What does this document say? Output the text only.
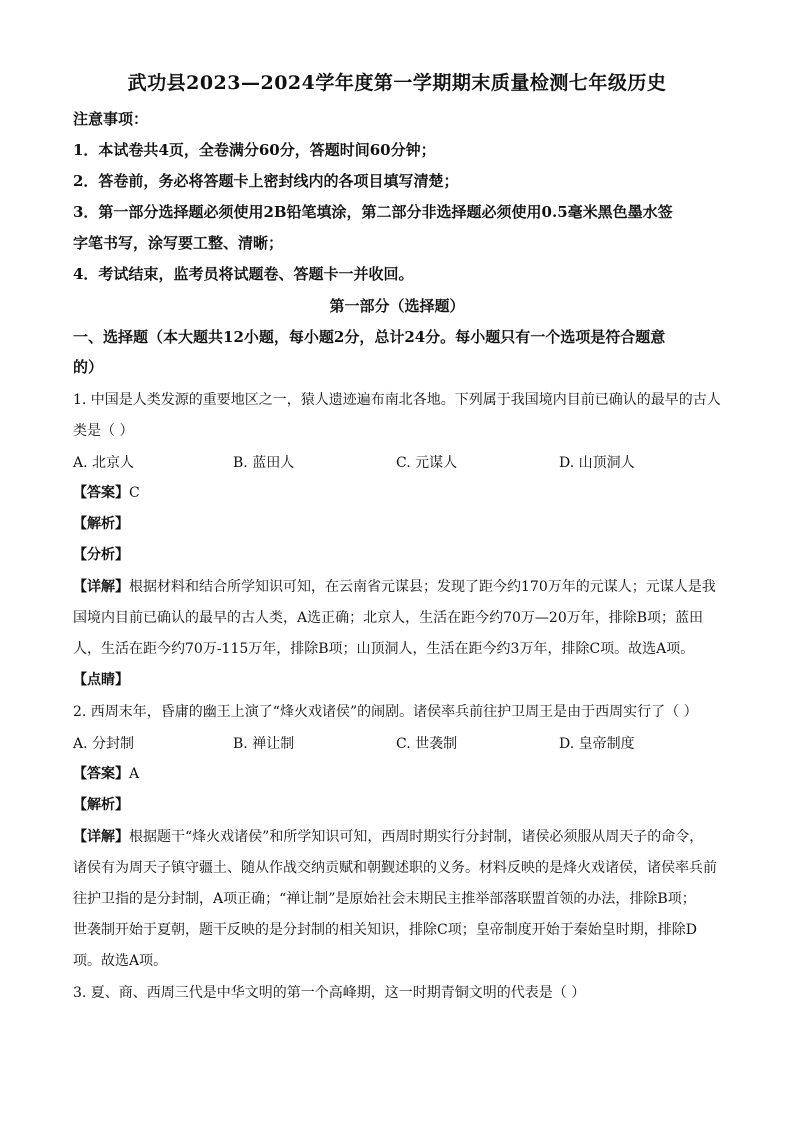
武功县2023—2024学年度第一学期期末质量检测七年级历史
注意事项：
1．本试卷共4页，全卷满分60分，答题时间60分钟；
2．答卷前，务必将答题卡上密封线内的各项目填写清楚；
3．第一部分选择题必须使用2B铅笔填涂，第二部分非选择题必须使用0.5毫米黑色墨水签
字笔书写，涂写要工整、清晰；
4．考试结束，监考员将试题卷、答题卡一并收回。
第一部分（选择题）
一、选择题（本大题共12小题，每小题2分，总计24分。每小题只有一个选项是符合题意
的）
1. 中国是人类发源的重要地区之一，猿人遗迹遍布南北各地。下列属于我国境内目前已确认的最早的古人
类是（ ）
A. 北京人	B. 蓝田人	C. 元谋人	D. 山顶洞人
【答案】C
【解析】
【分析】
【详解】根据材料和结合所学知识可知，在云南省元谋县；发现了距今约170万年的元谋人；元谋人是我
国境内目前已确认的最早的古人类，A选正确；北京人，生活在距今约70万—20万年，排除B项；蓝田
人，生活在距今约70万-115万年，排除B项；山顶洞人，生活在距今约3万年，排除C项。故选A项。
【点睛】
2. 西周末年，昏庸的幽王上演了“烽火戏诸侯”的闹剧。诸侯率兵前往护卫周王是由于西周实行了（ ）
A. 分封制	B. 禅让制	C. 世袭制	D. 皇帝制度
【答案】A
【解析】
【详解】根据题干“烽火戏诸侯”和所学知识可知，西周时期实行分封制，诸侯必须服从周天子的命令，
诸侯有为周天子镇守疆土、随从作战交纳贡赋和朝觐述职的义务。材料反映的是烽火戏诸侯，诸侯率兵前
往护卫指的是分封制，A项正确；“禅让制”是原始社会末期民主推举部落联盟首领的办法，排除B项；
世袭制开始于夏朝，题干反映的是分封制的相关知识，排除C项；皇帝制度开始于秦始皇时期，排除D
项。故选A项。
3. 夏、商、西周三代是中华文明的第一个高峰期，这一时期青铜文明的代表是（ ）
